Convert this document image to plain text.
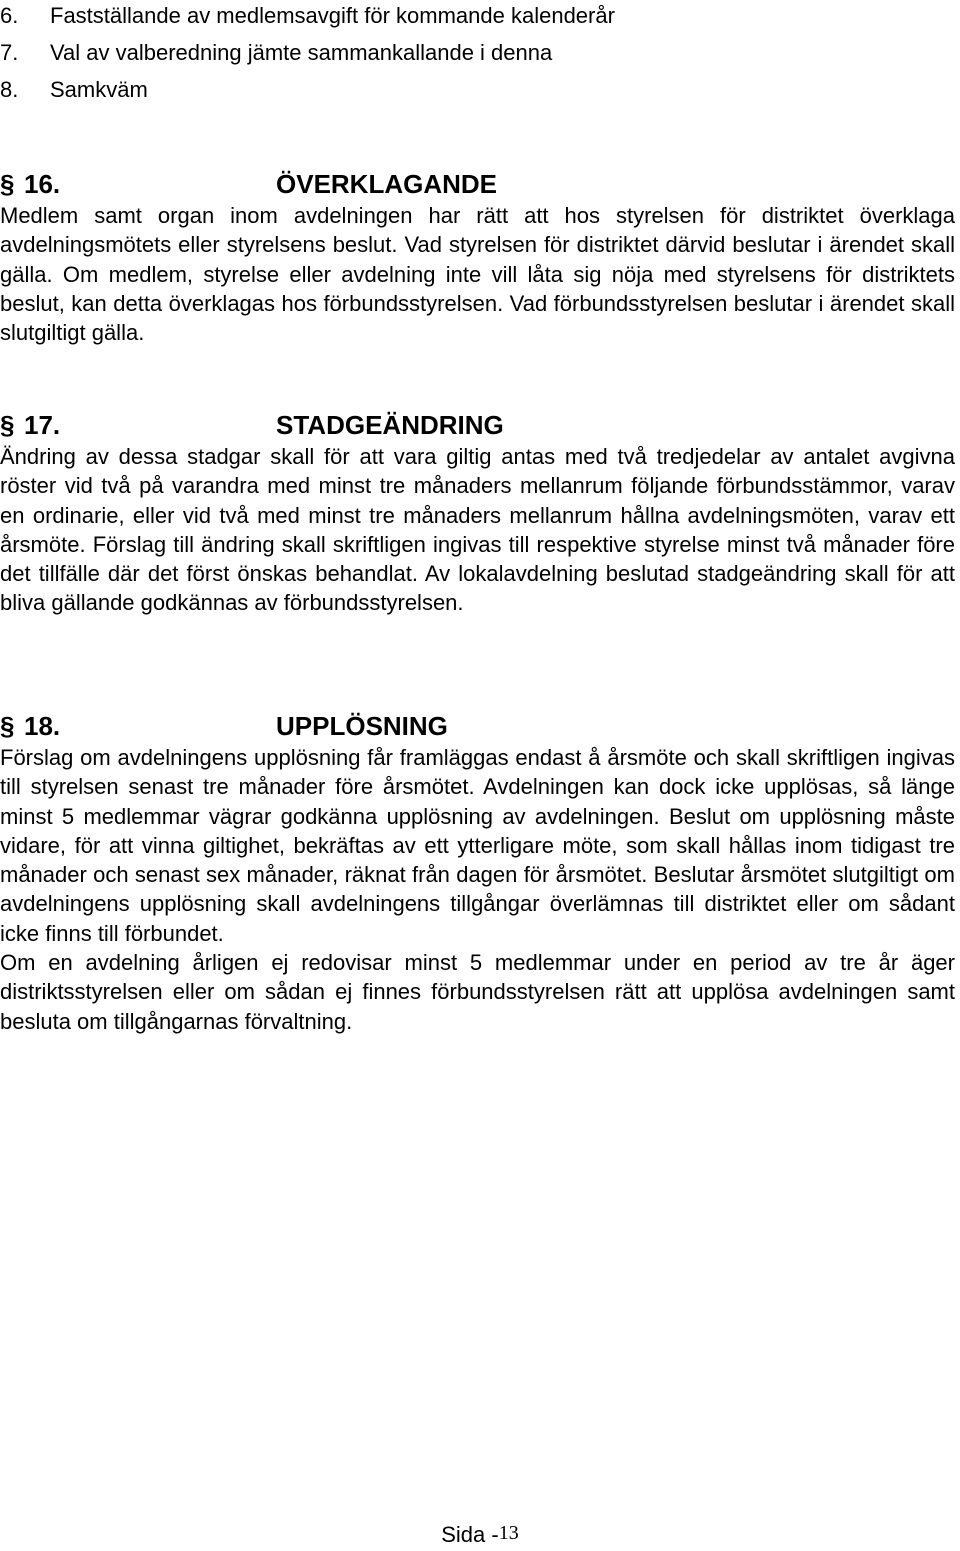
6. Fastställande av medlemsavgift för kommande kalenderår
7. Val av valberedning jämte sammankallande i denna
8. Samkväm
§ 16.	ÖVERKLAGANDE

Medlem samt organ inom avdelningen har rätt att hos styrelsen för distriktet överklaga avdelningsmötets eller styrelsens beslut. Vad styrelsen för distriktet därvid beslutar i ärendet skall gälla. Om medlem, styrelse eller avdelning inte vill låta sig nöja med styrelsens för distriktets beslut, kan detta överklagas hos förbundsstyrelsen. Vad förbundsstyrelsen beslutar i ärendet skall slutgiltigt gälla.

§ 17.	STADGEÄNDRING

Ändring av dessa stadgar skall för att vara giltig antas med två tredjedelar av antalet avgivna röster vid två på varandra med minst tre månaders mellanrum följande förbundsstämmor, varav en ordinarie, eller vid två med minst tre månaders mellanrum hållna avdelningsmöten, varav ett årsmöte. Förslag till ändring skall skriftligen ingivas till respektive styrelse minst två månader före det tillfälle där det först önskas behandlat. Av lokalavdelning beslutad stadgeändring skall för att bliva gällande godkännas av förbundsstyrelsen.

§ 18.	UPPLÖSNING

Förslag om avdelningens upplösning får framläggas endast å årsmöte och skall skriftligen ingivas till styrelsen senast tre månader före årsmötet. Avdelningen kan dock icke upplösas, så länge minst 5 medlemmar vägrar godkänna upplösning av avdelningen. Beslut om upplösning måste vidare, för att vinna giltighet, bekräftas av ett ytterligare möte, som skall hållas inom tidigast tre månader och senast sex månader, räknat från dagen för årsmötet. Beslutar årsmötet slutgiltigt om avdelningens upplösning skall avdelningens tillgångar överlämnas till distriktet eller om sådant icke finns till förbundet.

Om en avdelning årligen ej redovisar minst 5 medlemmar under en period av tre år äger distriktsstyrelsen eller om sådan ej finnes förbundsstyrelsen rätt att upplösa avdelningen samt besluta om tillgångarnas förvaltning.

Sida -13
